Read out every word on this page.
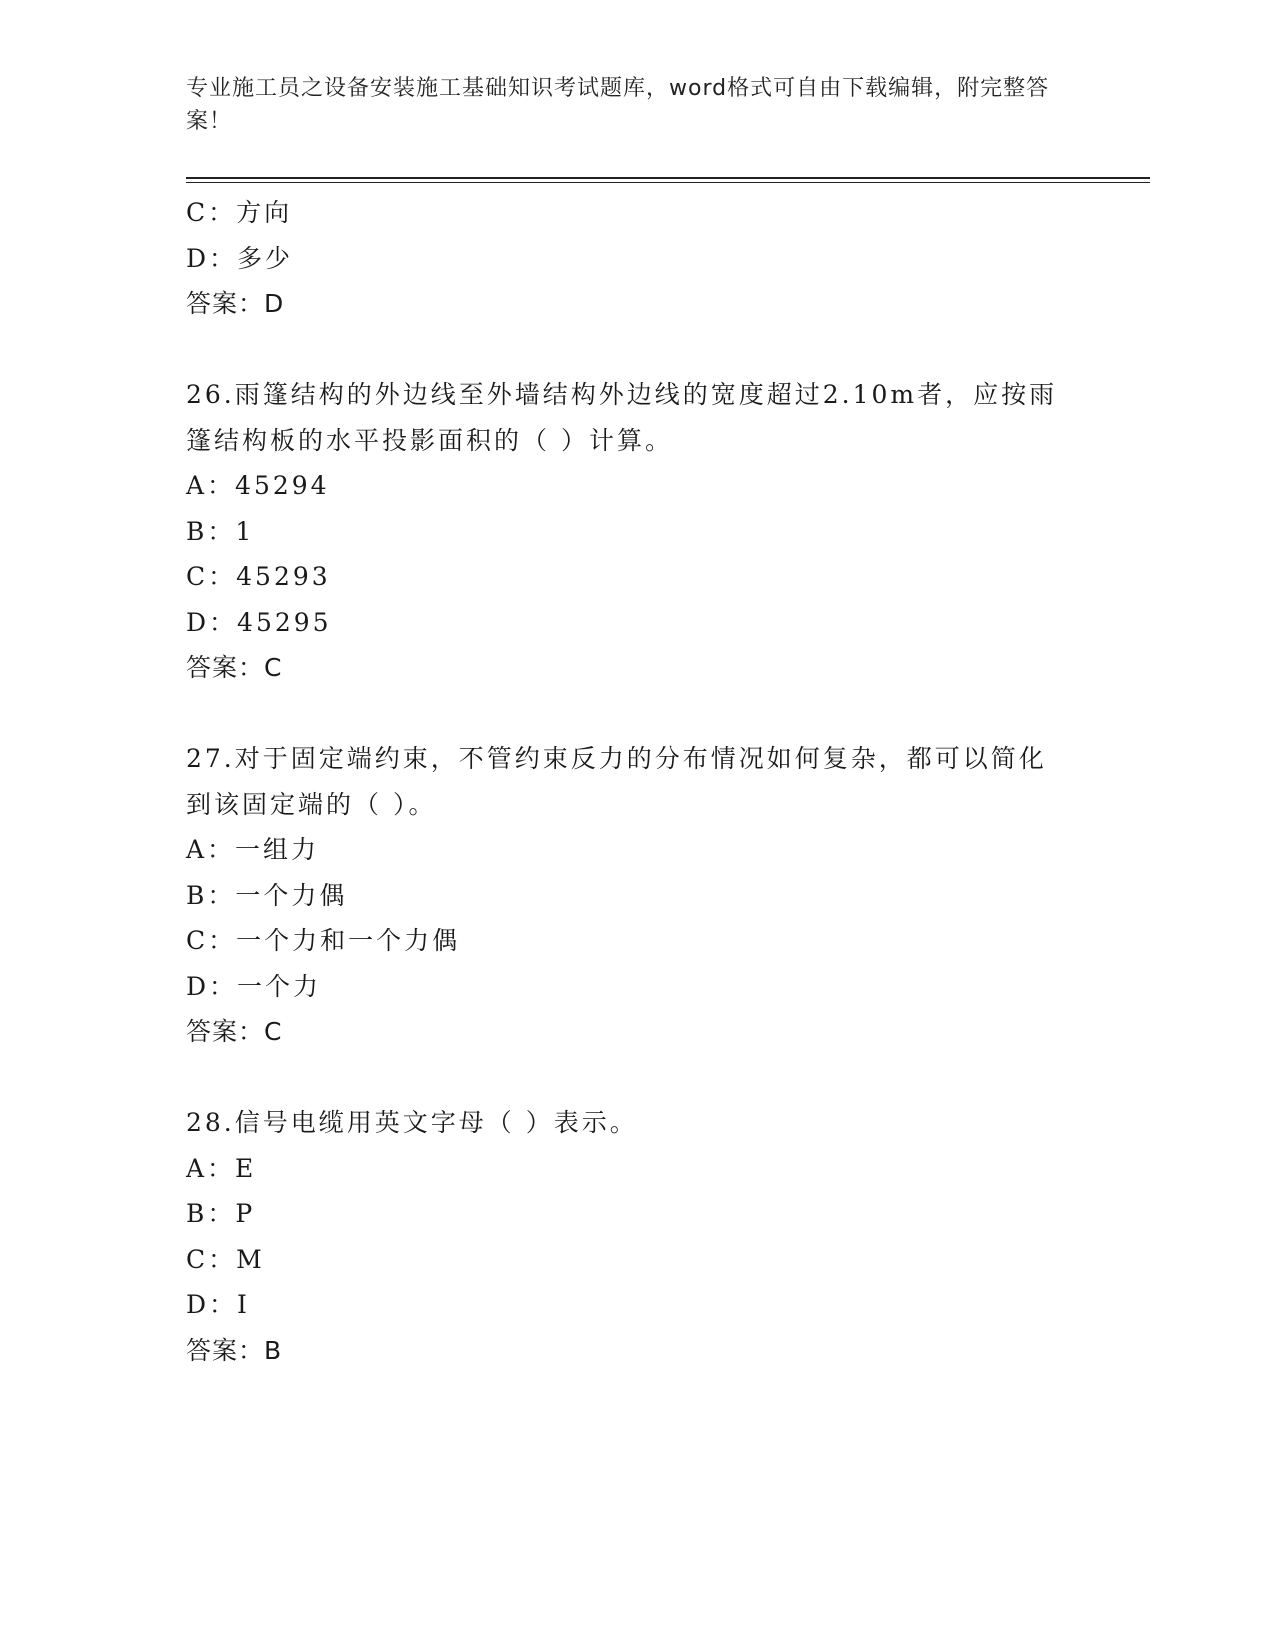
专业施工员之设备安装施工基础知识考试题库，word格式可自由下载编辑，附完整答案！
C：方向
D：多少
答案：D
26.雨篷结构的外边线至外墙结构外边线的宽度超过2.10m者，应按雨篷结构板的水平投影面积的（ ）计算。
A：45294
B：1
C：45293
D：45295
答案：C
27.对于固定端约束，不管约束反力的分布情况如何复杂，都可以简化到该固定端的（ ）。
A：一组力
B：一个力偶
C：一个力和一个力偶
D：一个力
答案：C
28.信号电缆用英文字母（ ）表示。
A：E
B：P
C：M
D：I
答案：B
